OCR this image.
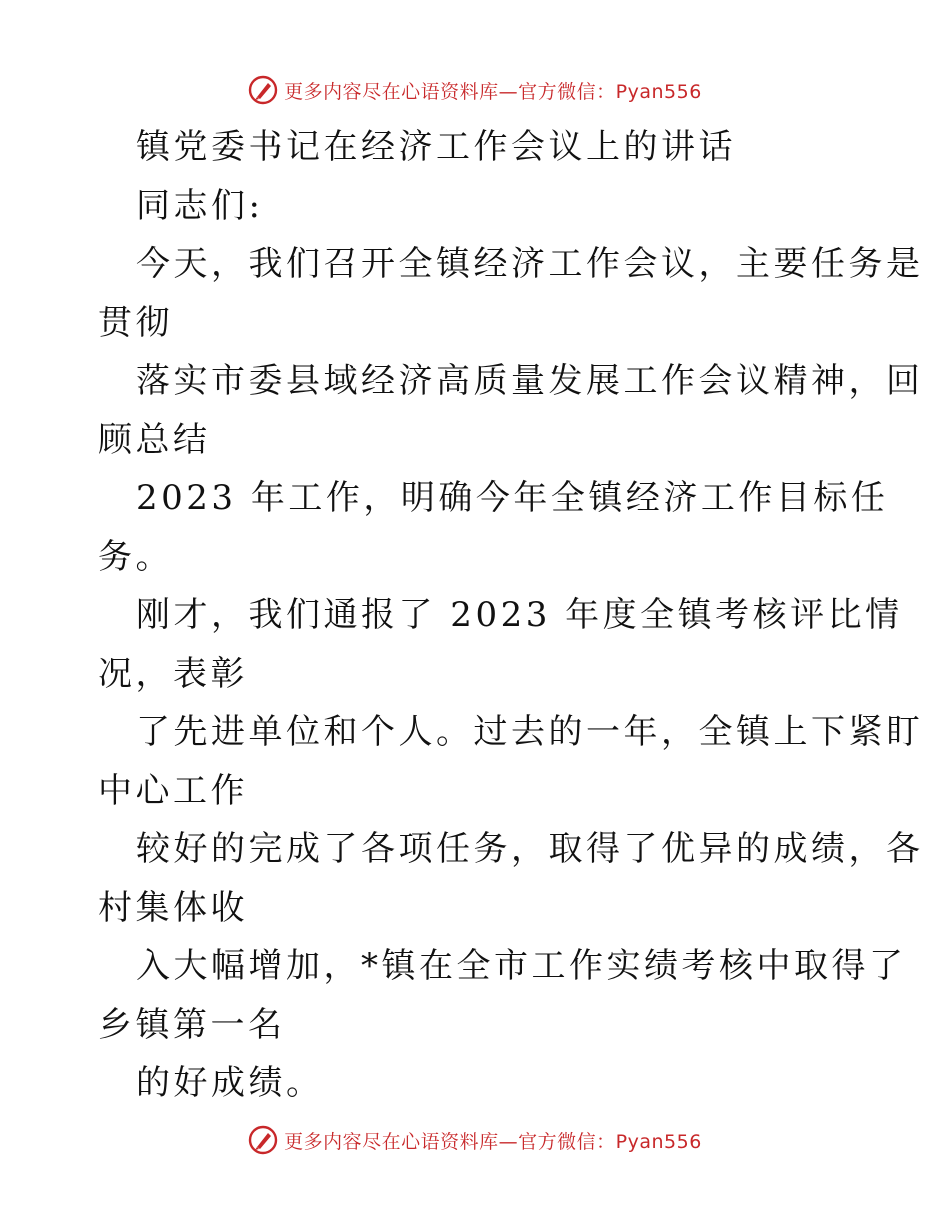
更多内容尽在心语资料库—官方微信：Pyan556
镇党委书记在经济工作会议上的讲话
同志们:
今天，我们召开全镇经济工作会议，主要任务是
贯彻
落实市委县域经济高质量发展工作会议精神，回
顾总结
2023 年工作，明确今年全镇经济工作目标任
务。
刚才，我们通报了 2023 年度全镇考核评比情
况，表彰
了先进单位和个人。过去的一年，全镇上下紧盯
中心工作
较好的完成了各项任务，取得了优异的成绩，各
村集体收
入大幅增加，*镇在全市工作实绩考核中取得了
乡镇第一名
的好成绩。
更多内容尽在心语资料库—官方微信：Pyan556
